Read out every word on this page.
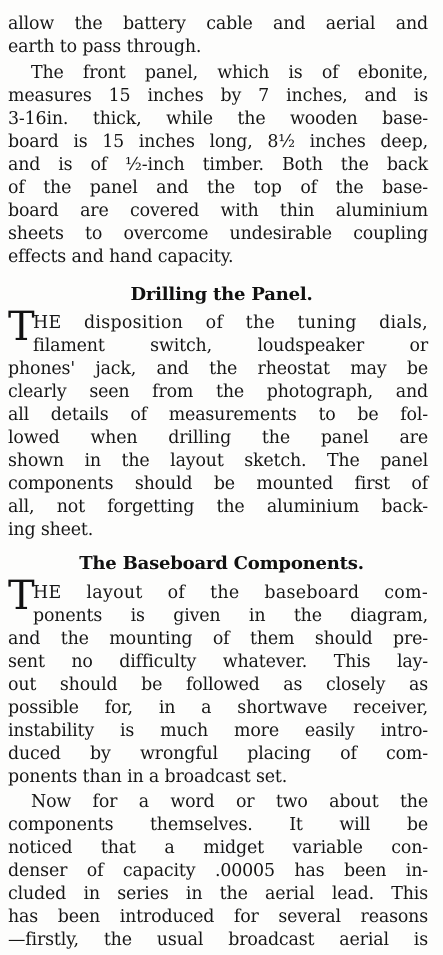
allow the battery cable and aerial and
earth to pass through.
The front panel, which is of ebonite,
measures 15 inches by 7 inches, and is
3-16in. thick, while the wooden base-
board is 15 inches long, 8½ inches deep,
and is of ½-inch timber. Both the back
of the panel and the top of the base-
board are covered with thin aluminium
sheets to overcome undesirable coupling
effects and hand capacity.
Drilling the Panel.
T
HE disposition of the tuning dials,
filament switch, loudspeaker or
phones' jack, and the rheostat may be
clearly seen from the photograph, and
all details of measurements to be fol-
lowed when drilling the panel are
shown in the layout sketch. The panel
components should be mounted first of
all, not forgetting the aluminium back-
ing sheet.
The Baseboard Components.
T
HE layout of the baseboard com-
ponents is given in the diagram,
and the mounting of them should pre-
sent no difficulty whatever. This lay-
out should be followed as closely as
possible for, in a shortwave receiver,
instability is much more easily intro-
duced by wrongful placing of com-
ponents than in a broadcast set.
Now for a word or two about the
components themselves. It will be
noticed that a midget variable con-
denser of capacity .00005 has been in-
cluded in series in the aerial lead. This
has been introduced for several reasons
—firstly, the usual broadcast aerial is
